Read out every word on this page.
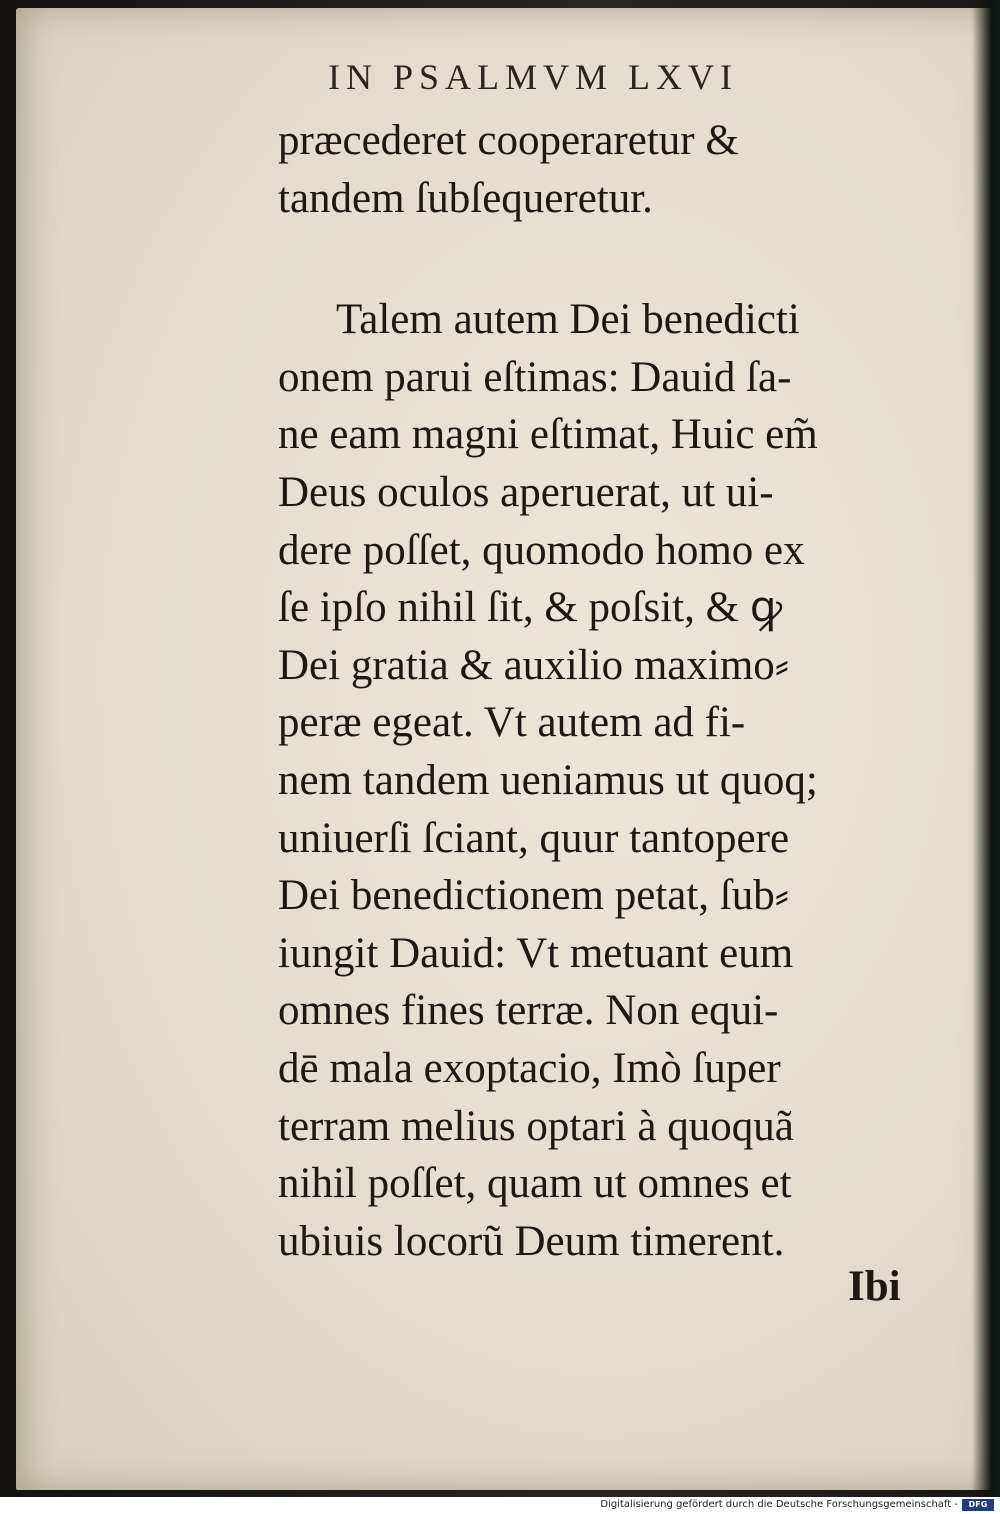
IN PSALMVM LXVI
præcederet cooperaretur &
tandem ſubſequeretur.
Talem autem Dei benedicti
onem parui eſtimas: Dauid ſa-
ne eam magni eſtimat, Huic em̃
Deus oculos aperuerat, ut ui-
dere poſſet, quomodo homo ex
ſe ipſo nihil ſit, & poſsit, & ꝙ
Dei gratia & auxilio maximo⸗
peræ egeat. Vt autem ad fi-
nem tandem ueniamus ut quoq;
uniuerſi ſciant, quur tantopere
Dei benedictionem petat, ſub⸗
iungit Dauid: Vt metuant eum
omnes fines terræ. Non equi-
dē mala exoptacio, Imò ſuper
terram melius optari à quoquã
nihil poſſet, quam ut omnes et
ubiuis locorũ Deum timerent.
Ibi
Digitalisierung gefördert durch die Deutsche Forschungsgemeinschaft -	DFG
